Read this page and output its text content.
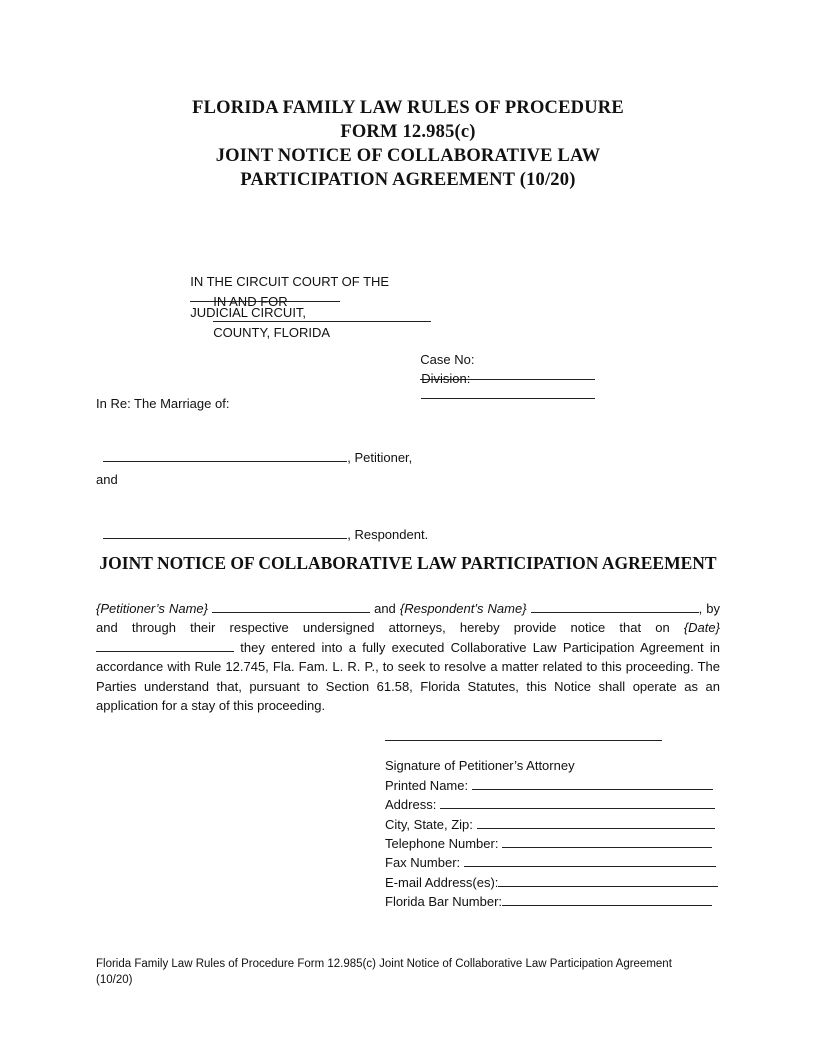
FLORIDA FAMILY LAW RULES OF PROCEDURE
FORM 12.985(c)
JOINT NOTICE OF COLLABORATIVE LAW
PARTICIPATION AGREEMENT (10/20)

IN THE CIRCUIT COURT OF THE

JUDICIAL CIRCUIT,

IN AND FOR

COUNTY, FLORIDA

Case No:

Division:

In Re: The Marriage of:

, Petitioner,

and

, Respondent.

JOINT NOTICE OF COLLABORATIVE LAW PARTICIPATION AGREEMENT
{Petitioner’s Name}	and {Respondent’s Name}	, by
and through their respective undersigned attorneys, hereby provide notice that on {Date}
they entered into a fully executed Collaborative Law Participation Agreement in
accordance with Rule 12.745, Fla. Fam. L. R. P., to seek to resolve a matter related to this proceeding. The
Parties understand that, pursuant to Section 61.58, Florida Statutes, this Notice shall operate as an
application for a stay of this proceeding.
Signature of Petitioner’s Attorney
Printed Name:
Address:
City, State, Zip:
Telephone Number:
Fax Number:
E-mail Address(es):
Florida Bar Number:
Florida Family Law Rules of Procedure Form 12.985(c) Joint Notice of Collaborative Law Participation Agreement
(10/20)
